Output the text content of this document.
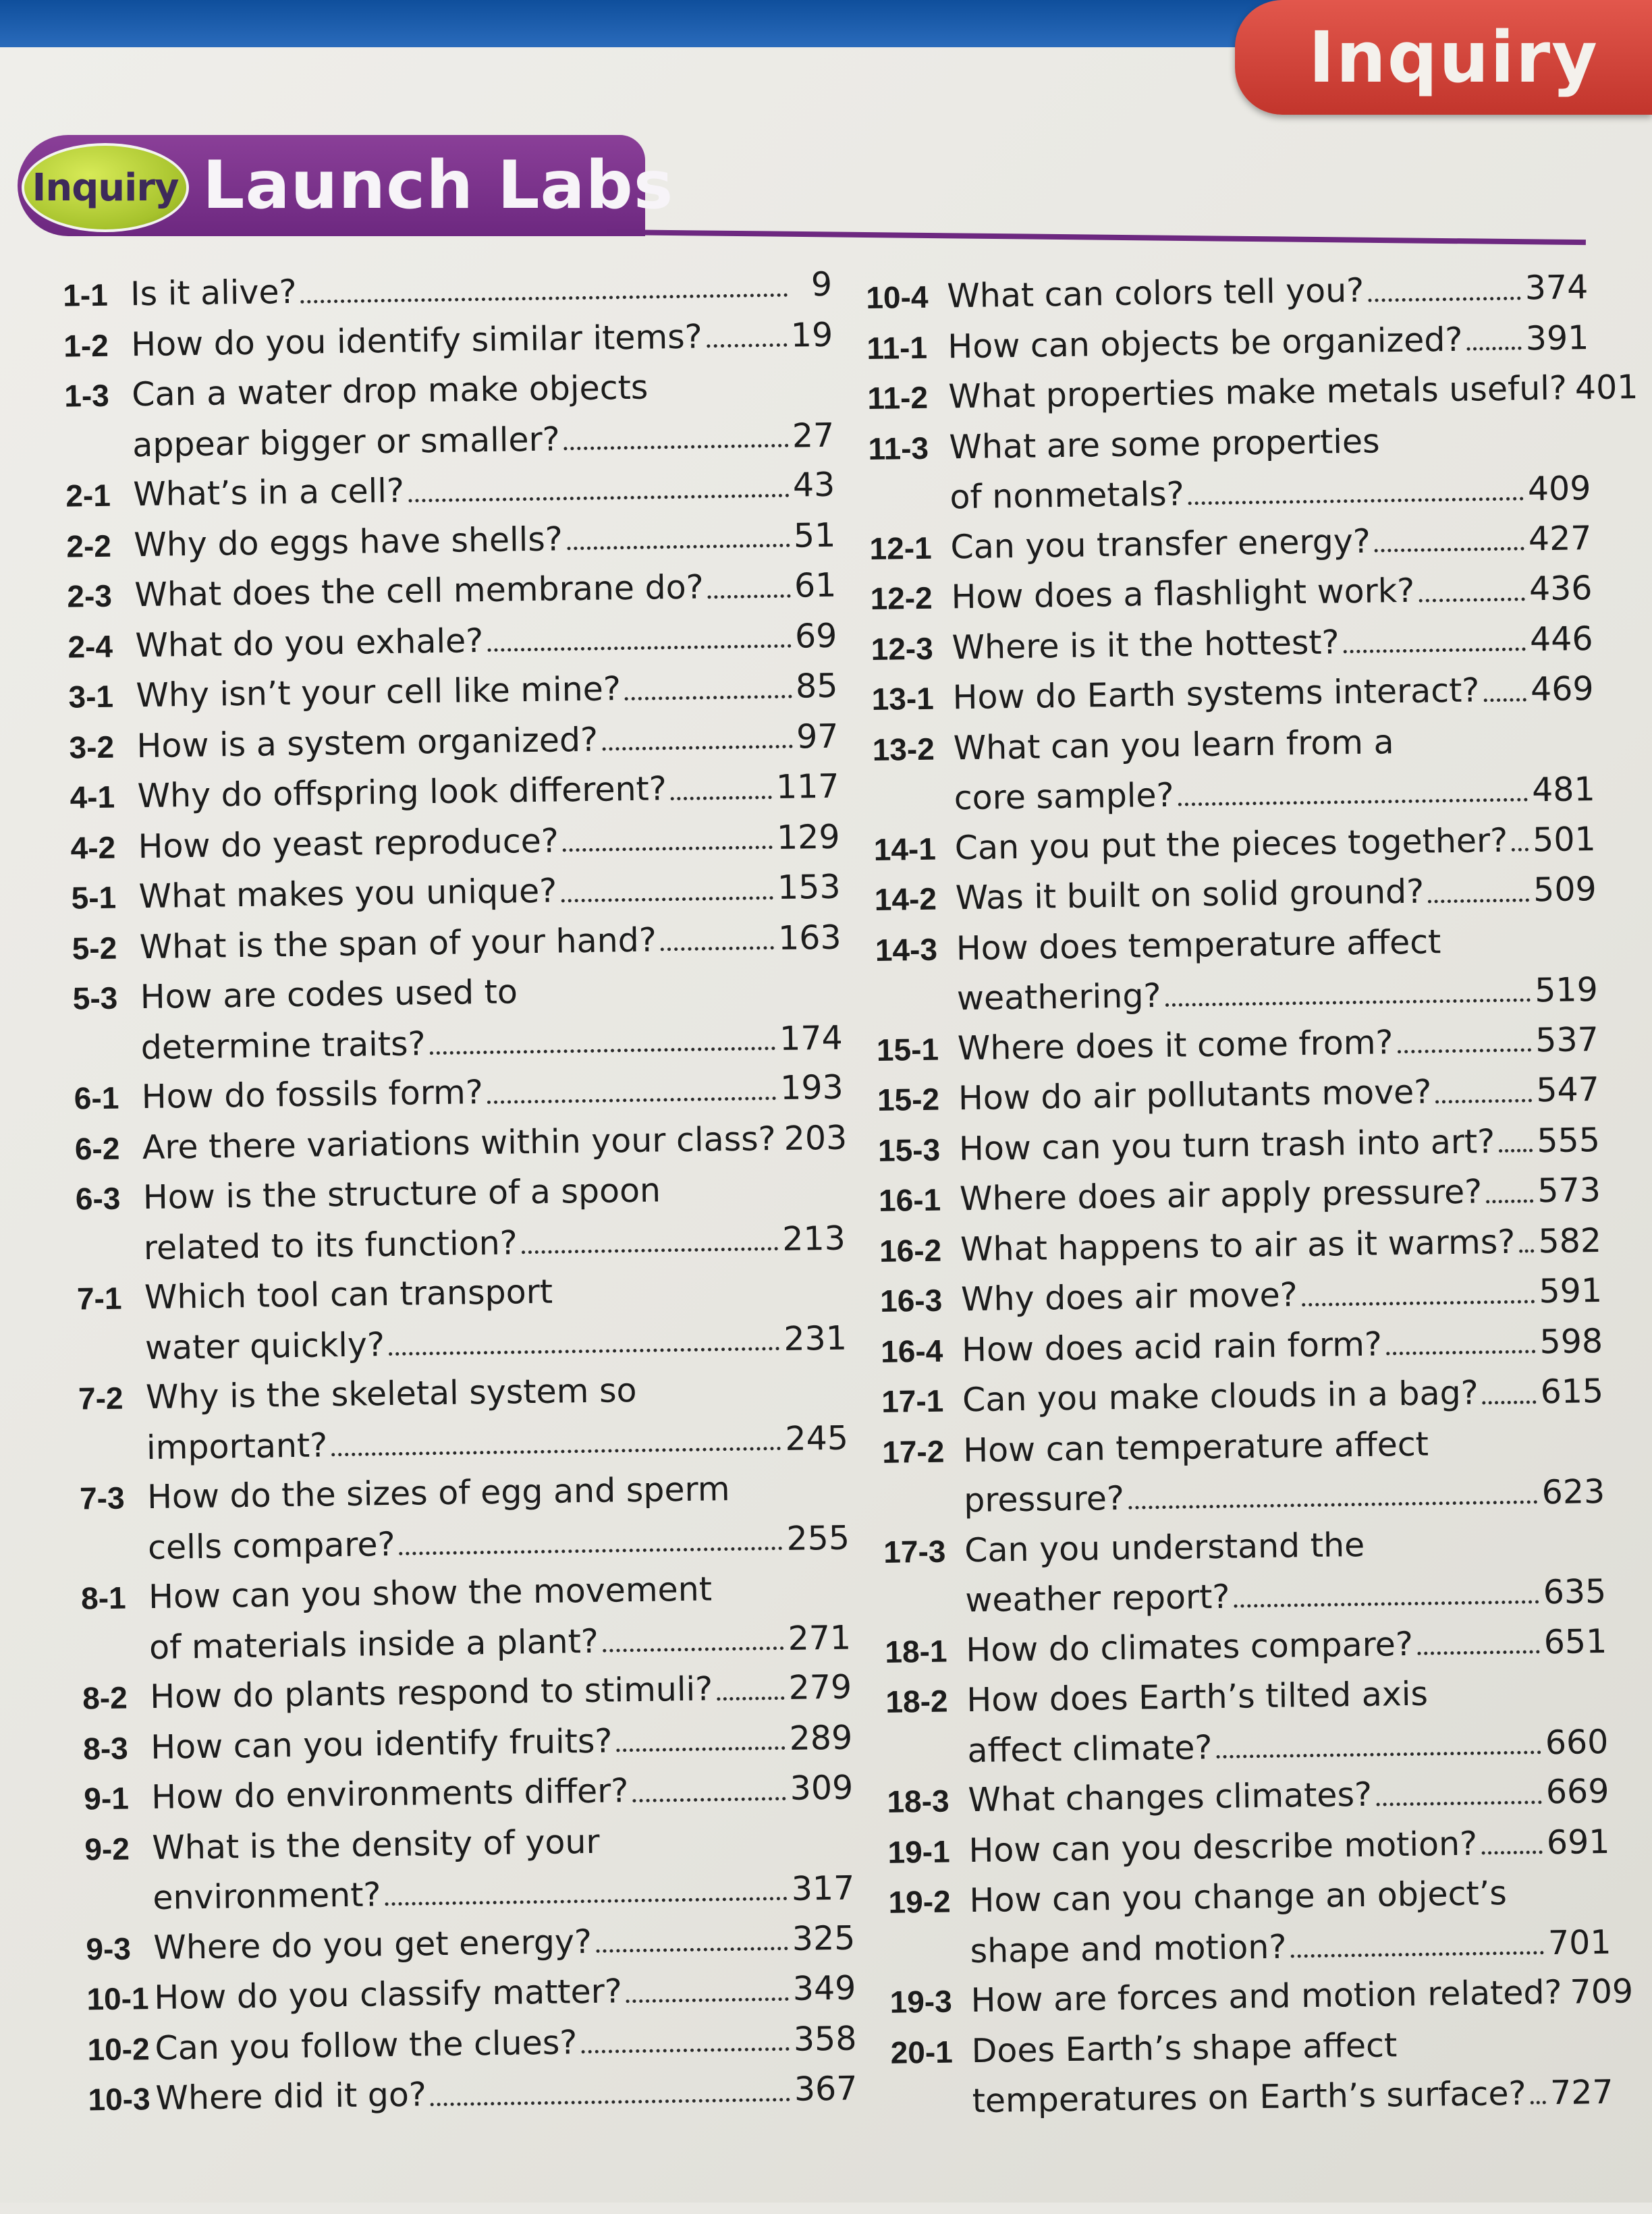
Inquiry
Inquiry Launch Labs
1-1 Is it alive?	9
1-2 How do you identify similar items?	19
1-3 Can a water drop make objects
appear bigger or smaller?	27
2-1 What’s in a cell?	43
2-2 Why do eggs have shells?	51
2-3 What does the cell membrane do?	61
2-4 What do you exhale?	69
3-1 Why isn’t your cell like mine?	85
3-2 How is a system organized?	97
4-1 Why do offspring look different?	117
4-2 How do yeast reproduce?	129
5-1 What makes you unique?	153
5-2 What is the span of your hand?	163
5-3 How are codes used to
determine traits?	174
6-1 How do fossils form?	193
6-2 Are there variations within your class? 203
6-3 How is the structure of a spoon
related to its function?	213
7-1 Which tool can transport
water quickly?	231
7-2 Why is the skeletal system so
important?	245
7-3 How do the sizes of egg and sperm
cells compare?	255
8-1 How can you show the movement
of materials inside a plant?	271
8-2 How do plants respond to stimuli? 279
8-3 How can you identify fruits?	289
9-1 How do environments differ?	309
9-2 What is the density of your
environment?	317
9-3 Where do you get energy?	325
10-1 How do you classify matter?	349
10-2 Can you follow the clues?	358
10-3 Where did it go?	367
10-4 What can colors tell you?	374
11-1 How can objects be organized? 391
11-2 What properties make metals useful? 401
11-3 What are some properties
of nonmetals?	409
12-1 Can you transfer energy?	427
12-2 How does a flashlight work?	436
12-3 Where is it the hottest?	446
13-1 How do Earth systems interact? 469
13-2 What can you learn from a
core sample?	481
14-1 Can you put the pieces together? 501
14-2 Was it built on solid ground?	509
14-3 How does temperature affect
weathering?	519
15-1 Where does it come from?	537
15-2 How do air pollutants move?	547
15-3 How can you turn trash into art? 555
16-1 Where does air apply pressure? 573
16-2 What happens to air as it warms? 582
16-3 Why does air move?	591
16-4 How does acid rain form?	598
17-1 Can you make clouds in a bag? 615
17-2 How can temperature affect
pressure?	623
17-3 Can you understand the
weather report?	635
18-1 How do climates compare?	651
18-2 How does Earth’s tilted axis
affect climate?	660
18-3 What changes climates?	669
19-1 How can you describe motion? 691
19-2 How can you change an object’s
shape and motion?	701
19-3 How are forces and motion related? 709
20-1 Does Earth’s shape affect
temperatures on Earth’s surface? 727
